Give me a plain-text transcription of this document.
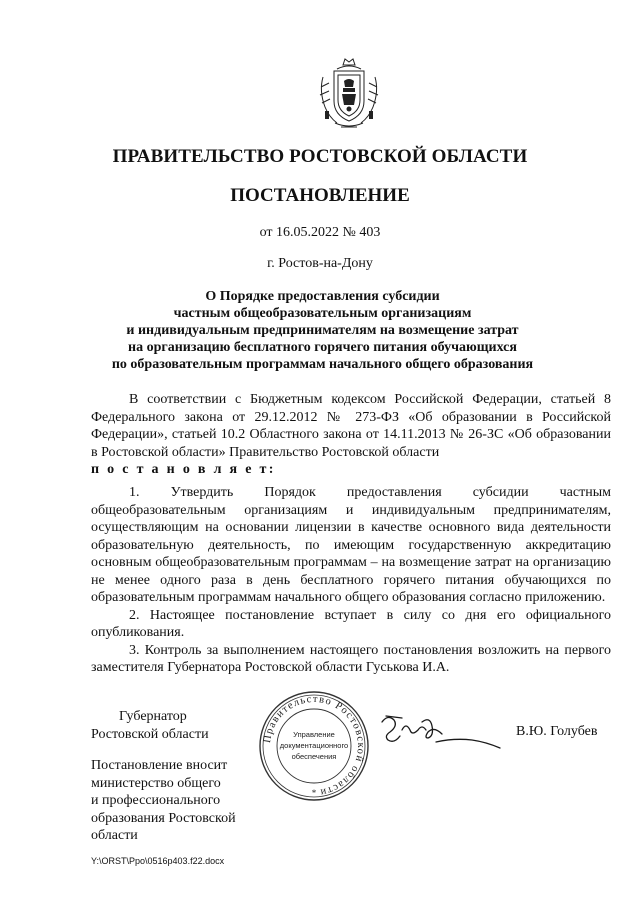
ПРАВИТЕЛЬСТВО РОСТОВСКОЙ ОБЛАСТИ
ПОСТАНОВЛЕНИЕ
от 16.05.2022 № 403
г. Ростов-на-Дону
О Порядке предоставления субсидии
частным общеобразовательным организациям
и индивидуальным предпринимателям на возмещение затрат
на организацию бесплатного горячего питания обучающихся
по образовательным программам начального общего образования
В соответствии с Бюджетным кодексом Российской Федерации, статьей 8 Федерального закона от 29.12.2012 № 273-ФЗ «Об образовании в Российской Федерации», статьей 10.2 Областного закона от 14.11.2013 № 26-ЗС «Об образовании в Ростовской области» Правительство Ростовской области
п о с т а н о в л я е т:
1. Утвердить Порядок предоставления субсидии частным общеобразовательным организациям и индивидуальным предпринимателям, осуществляющим на основании лицензии в качестве основного вида деятельности образовательную деятельность, по имеющим государственную аккредитацию основным общеобразовательным программам – на возмещение затрат на организацию не менее одного раза в день бесплатного горячего питания обучающихся по образовательным программам начального общего образования согласно приложению.
2. Настоящее постановление вступает в силу со дня его официального опубликования.
3. Контроль за выполнением настоящего постановления возложить на первого заместителя Губернатора Ростовской области Гуськова И.А.
Губернатор
Ростовской области	Правительство Ростовской области
Управление
документационного
обеспечения
*
В.Ю. Голубев
Постановление вносит
министерство общего
и профессионального
образования Ростовской
области
Y:\ORST\Ppo\0516p403.f22.docx
